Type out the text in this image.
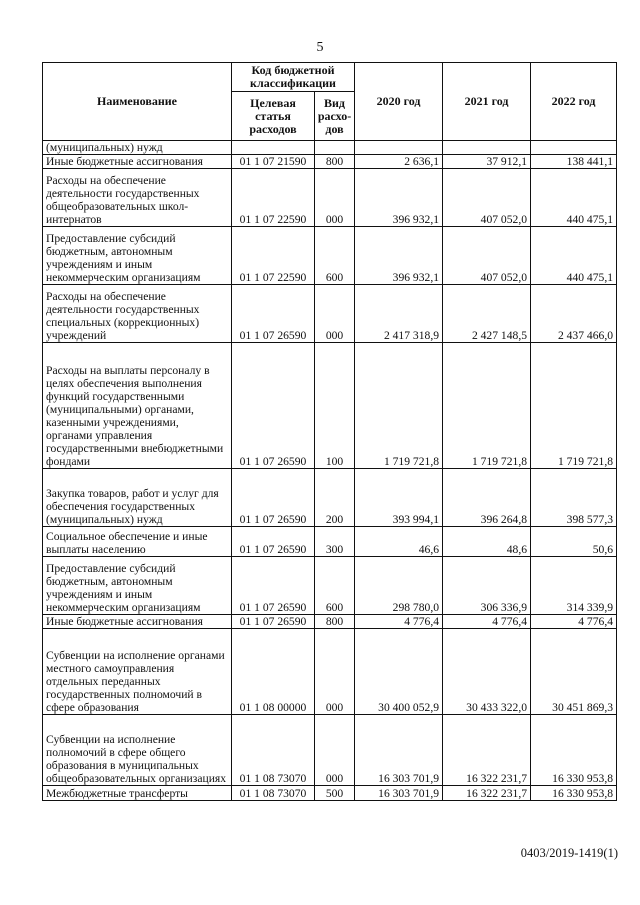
5
Наименование	Код бюджетной классификации		2020 год	2021 год	2022 год
	Целевая статья расходов	Вид расхо-дов			
(муниципальных) нужд					
Иные бюджетные ассигнования	01 1 07 21590	800	2 636,1	37 912,1	138 441,1
Расходы на обеспечение деятельности государственных общеобразовательных школ-интернатов	01 1 07 22590	000	396 932,1	407 052,0	440 475,1
Предоставление субсидий бюджетным, автономным учреждениям и иным некоммерческим организациям	01 1 07 22590	600	396 932,1	407 052,0	440 475,1
Расходы на обеспечение деятельности государственных специальных (коррекционных) учреждений	01 1 07 26590	000	2 417 318,9	2 427 148,5	2 437 466,0
Расходы на выплаты персоналу в целях обеспечения выполнения функций государственными (муниципальными) органами, казенными учреждениями, органами управления государственными внебюджетными фондами	01 1 07 26590	100	1 719 721,8	1 719 721,8	1 719 721,8
Закупка товаров, работ и услуг для обеспечения государственных (муниципальных) нужд	01 1 07 26590	200	393 994,1	396 264,8	398 577,3
Социальное обеспечение и иные выплаты населению	01 1 07 26590	300	46,6	48,6	50,6
Предоставление субсидий бюджетным, автономным учреждениям и иным некоммерческим организациям	01 1 07 26590	600	298 780,0	306 336,9	314 339,9
Иные бюджетные ассигнования	01 1 07 26590	800	4 776,4	4 776,4	4 776,4
Субвенции на исполнение органами местного самоуправления отдельных переданных государственных полномочий в сфере образования	01 1 08 00000	000	30 400 052,9	30 433 322,0	30 451 869,3
Субвенции на исполнение полномочий в сфере общего образования в муниципальных общеобразовательных организациях	01 1 08 73070	000	16 303 701,9	16 322 231,7	16 330 953,8
Межбюджетные трансферты	01 1 08 73070	500	16 303 701,9	16 322 231,7	16 330 953,8
0403/2019-1419(1)
